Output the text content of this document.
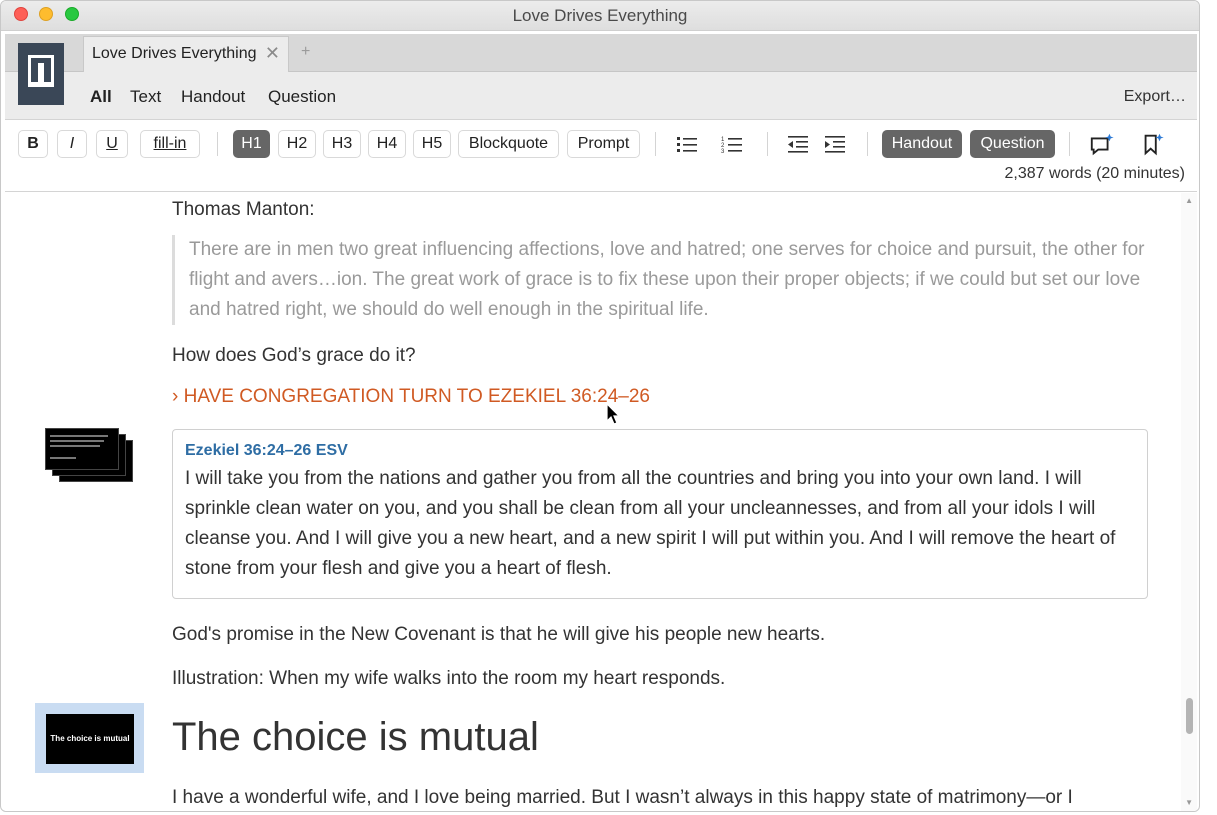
Love Drives Everything
Love Drives Everything ✕ +
All Text Handout Question	Export…
B	I	U	fill-in	H1	H2	H3	H4	H5	Blockquote	Prompt	1
2
3	Handout	Question
2,387 words (20 minutes)
Thomas Manton:
There are in men two great influencing affections, love and hatred; one serves for choice and pursuit, the other for flight and avers…ion. The great work of grace is to fix these upon their proper objects; if we could but set our love and hatred right, we should do well enough in the spiritual life.
How does God’s grace do it?
› HAVE CONGREGATION TURN TO EZEKIEL 36:24–26
Ezekiel 36:24–26 ESV
I will take you from the nations and gather you from all the countries and bring you into your own land. I will sprinkle clean water on you, and you shall be clean from all your uncleannesses, and from all your idols I will cleanse you. And I will give you a new heart, and a new spirit I will put within you. And I will remove the heart of stone from your flesh and give you a heart of flesh.
God's promise in the New Covenant is that he will give his people new hearts.
Illustration: When my wife walks into the room my heart responds.
The choice is mutual The choice is mutual
I have a wonderful wife, and I love being married. But I wasn’t always in this happy state of matrimony—or I
▲
▼
